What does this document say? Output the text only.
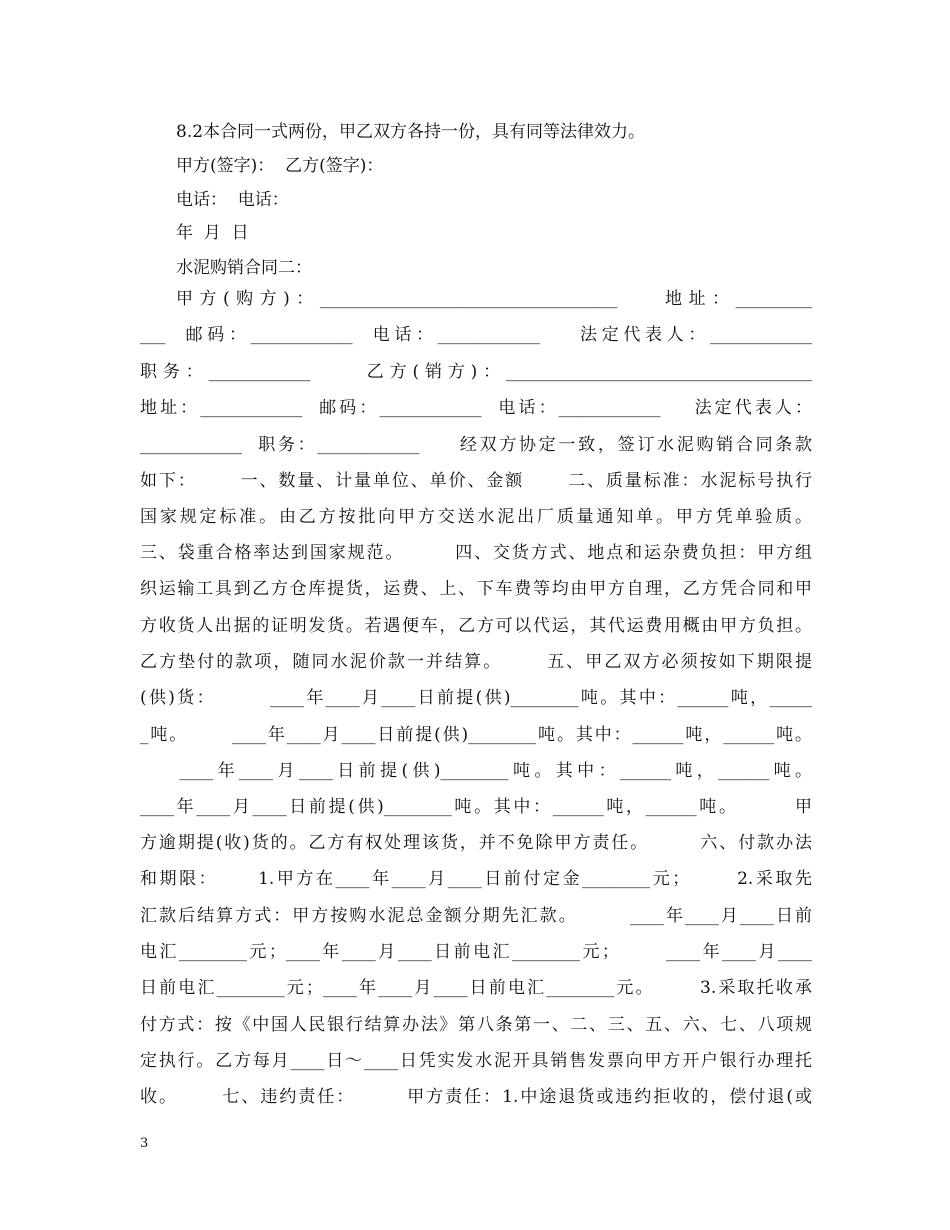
8.2本合同一式两份，甲乙双方各持一份，具有同等法律效力。
甲方(签字)：  乙方(签字)：
电话：  电话：
年  月  日
水泥购销合同二：
甲方(购方)：___________________________________    地址：_________
___  邮码：____________  电话：____________    法定代表人：____________
职务：____________     乙方(销方)：____________________________________
地址：____________  邮码：____________  电话：____________    法定代表人：
____________  职务：____________     经双方协定一致，签订水泥购销合同条款
如下：      一、数量、计量单位、单价、金额      二、质量标准：水泥标号执行
国家规定标准。由乙方按批向甲方交送水泥出厂质量通知单。甲方凭单验质。
三、袋重合格率达到国家规范。       四、交货方式、地点和运杂费负担：甲方组
织运输工具到乙方仓库提货，运费、上、下车费等均由甲方自理，乙方凭合同和甲
方收货人出据的证明发货。若遇便车，乙方可以代运，其代运费用概由甲方负担。
乙方垫付的款项，随同水泥价款一并结算。      五、甲乙双方必须按如下期限提
(供)货：       ____年____月____日前提(供)________吨。其中：______吨，_____
_吨。      ____年____月____日前提(供)________吨。其中：______吨，______吨。
____年____月____日前提(供)________吨。其中：______吨，______吨。
____年____月____日前提(供)________吨。其中：______吨，______吨。       甲
方逾期提(收)货的。乙方有权处理该货，并不免除甲方责任。       六、付款办法
和期限：     1.甲方在____年____月____日前付定金________元；      2.采取先
汇款后结算方式：甲方按购水泥总金额分期先汇款。       ____年____月____日前
电汇________元；____年____月____日前电汇________元；      ____年____月____
日前电汇________元；____年____月____日前电汇________元。      3.采取托收承
付方式：按《中国人民银行结算办法》第八条第一、二、三、五、六、七、八项规
定执行。乙方每月____日～____日凭实发水泥开具销售发票向甲方开户银行办理托
收。      七、违约责任：       甲方责任：1.中途退货或违约拒收的，偿付退(或
3
